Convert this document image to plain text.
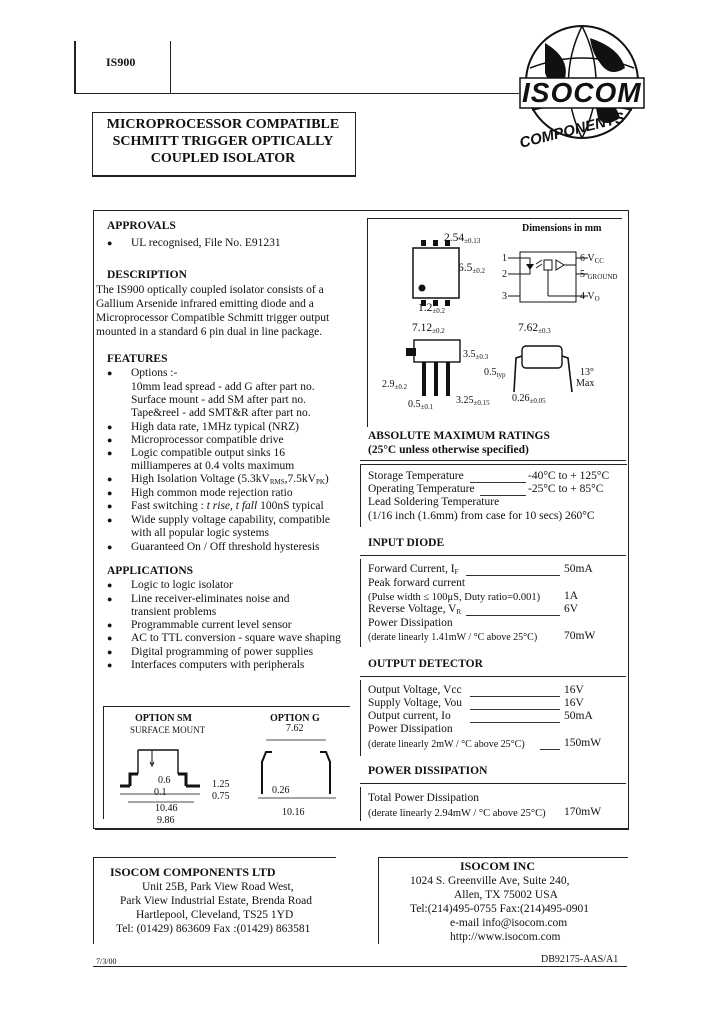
IS900
ISOCOM
COMPONENTS
MICROPROCESSOR COMPATIBLE
SCHMITT TRIGGER OPTICALLY
COUPLED ISOLATOR
APPROVALS
● UL recognised, File No. E91231
DESCRIPTION
The IS900 optically coupled isolator consists of a
Gallium Arsenide infrared emitting diode and a
Microprocessor Compatible Schmitt trigger output
mounted in a standard 6 pin dual in line package.
FEATURES
● Options :-
10mm lead spread - add G after part no.
Surface mount - add SM after part no.
Tape&reel - add SMT&R after part no.
● High data rate, 1MHz typical (NRZ)
● Microprocessor compatible drive
● Logic compatible output sinks 16
milliamperes at 0.4 volts maximum
● High Isolation Voltage $(5.3kV_{RMS},7.5kV_{PK})$
● High common mode rejection ratio
● Fast switching : t rise, t fall 100nS typical
● Wide supply voltage capability, compatible
with all popular logic systems
● Guaranteed On / Off threshold hysteresis
APPLICATIONS
● Logic to logic isolator
● Line receiver-eliminates noise and
transient problems
● Programmable current level sensor
● AC to TTL conversion - square wave shaping
● Digital programming of power supplies
● Interfaces computers with peripherals
OPTION SM
SURFACE MOUNT
OPTION G
0.6
0.1
1.25
0.75
10.46
9.86
7.62
0.26
10.16
Dimensions in mm
$2.54_{\pm 0.13}$
$6.5_{\pm 0.2}$
$1.2_{\pm 0.2}$
1
2
3
6 $V_{CC}$
5 $_{GROUND}$
4 $V_O$
$7.12_{\pm 0.2}$	$7.62_{\pm 0.3}$
$3.5_{\pm 0.3}$
$0.5_{typ}$
$2.9_{\pm 0.2}$
$0.5_{\pm 0.1}$
$3.25_{\pm 0.15}$ $0.26_{\pm 0.05}$
13°
Max
ABSOLUTE MAXIMUM RATINGS
(25°C unless otherwise specified)
Storage Temperature	-40°C to + 125°C
Operating Temperature	-25°C to + 85°C
Lead Soldering Temperature
(1/16 inch (1.6mm) from case for 10 secs) 260°C
INPUT DIODE
Forward Current, $I_F$	50mA
Peak forward current
(Pulse width ≤ 100μS, Duty ratio=0.001) 1A
Reverse Voltage, $V_R$	6V
Power Dissipation
(derate linearly 1.41mW / °C above 25°C) 70mW
OUTPUT DETECTOR
Output Voltage, Vcc	16V
Supply Voltage, Vou	16V
Output current, Io	50mA
Power Dissipation
(derate linearly 2mW / °C above 25°C)	150mW
POWER DISSIPATION
Total Power Dissipation
(derate linearly 2.94mW / °C above 25°C) 170mW
ISOCOM COMPONENTS LTD
Unit 25B, Park View Road West,
Park View Industrial Estate, Brenda Road
Hartlepool, Cleveland, TS25 1YD
Tel: (01429) 863609 Fax :(01429) 863581
ISOCOM INC
1024 S. Greenville Ave, Suite 240,
Allen, TX 75002 USA
Tel:(214)495-0755 Fax:(214)495-0901
e-mail info@isocom.com
http://www.isocom.com
7/3/00	DB92175-AAS/A1
